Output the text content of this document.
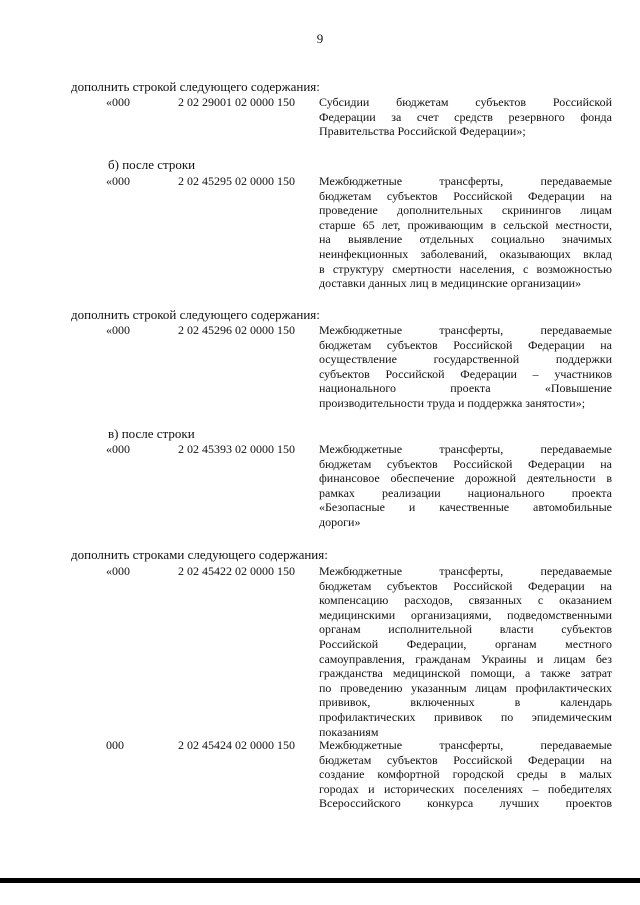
9
дополнить строкой следующего содержания:
«000	2 02 29001 02 0000 150 Субсидии бюджетам субъектов Российской
Федерации за счет средств резервного фонда
Правительства Российской Федерации»;
б) после строки
«000	2 02 45295 02 0000 150 Межбюджетные трансферты, передаваемые
бюджетам субъектов Российской Федерации на
проведение дополнительных скринингов лицам
старше 65 лет, проживающим в сельской местности,
на выявление отдельных социально значимых
неинфекционных заболеваний, оказывающих вклад
в структуру смертности населения, с возможностью
доставки данных лиц в медицинские организации»
дополнить строкой следующего содержания:
«000	2 02 45296 02 0000 150 Межбюджетные трансферты, передаваемые
бюджетам субъектов Российской Федерации на
осуществление государственной поддержки
субъектов Российской Федерации – участников
национального проекта «Повышение
производительности труда и поддержка занятости»;
в) после строки
«000	2 02 45393 02 0000 150 Межбюджетные трансферты, передаваемые
бюджетам субъектов Российской Федерации на
финансовое обеспечение дорожной деятельности в
рамках реализации национального проекта
«Безопасные и качественные автомобильные
дороги»
дополнить строками следующего содержания:
«000	2 02 45422 02 0000 150 Межбюджетные трансферты, передаваемые
бюджетам субъектов Российской Федерации на
компенсацию расходов, связанных с оказанием
медицинскими организациями, подведомственными
органам исполнительной власти субъектов
Российской Федерации, органам местного
самоуправления, гражданам Украины и лицам без
гражданства медицинской помощи, а также затрат
по проведению указанным лицам профилактических
прививок, включенных в календарь
профилактических прививок по эпидемическим
показаниям
000	2 02 45424 02 0000 150 Межбюджетные трансферты, передаваемые
бюджетам субъектов Российской Федерации на
создание комфортной городской среды в малых
городах и исторических поселениях – победителях
Всероссийского конкурса лучших проектов
